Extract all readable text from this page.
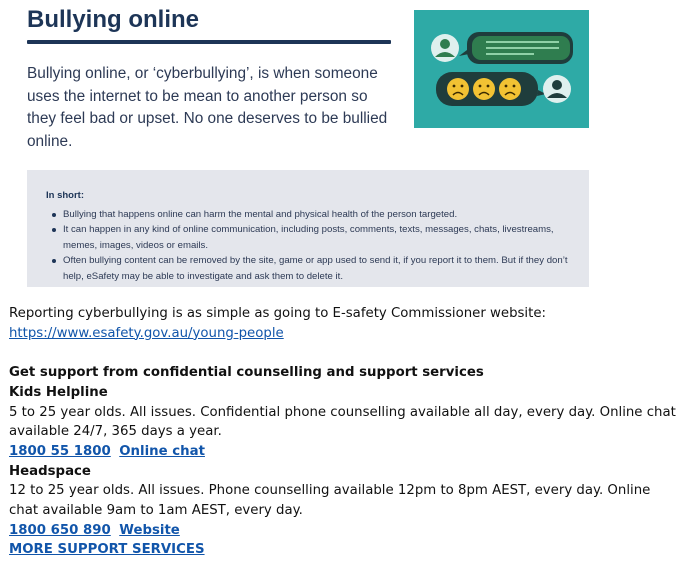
Bullying online

Bullying online, or ‘cyberbullying’, is when someone uses the internet to be mean to another person so they feel bad or upset. No one deserves to be bullied online.

In short:
Bullying that happens online can harm the mental and physical health of the person targeted.
It can happen in any kind of online communication, including posts, comments, texts, messages, chats, livestreams, memes, images, videos or emails.
Often bullying content can be removed by the site, game or app used to send it, if you report it to them. But if they don’t help, eSafety may be able to investigate and ask them to delete it.

Reporting cyberbullying is as simple as going to E-safety Commissioner website:

https://www.esafety.gov.au/young-people

Get support from confidential counselling and support services

Kids Helpline

5 to 25 year olds. All issues. Confidential phone counselling available all day, every day. Online chat available 24/7, 365 days a year.

1800 55 1800 Online chat

Headspace

12 to 25 year olds. All issues. Phone counselling available 12pm to 8pm AEST, every day. Online chat available 9am to 1am AEST, every day.

1800 650 890 Website

MORE SUPPORT SERVICES
